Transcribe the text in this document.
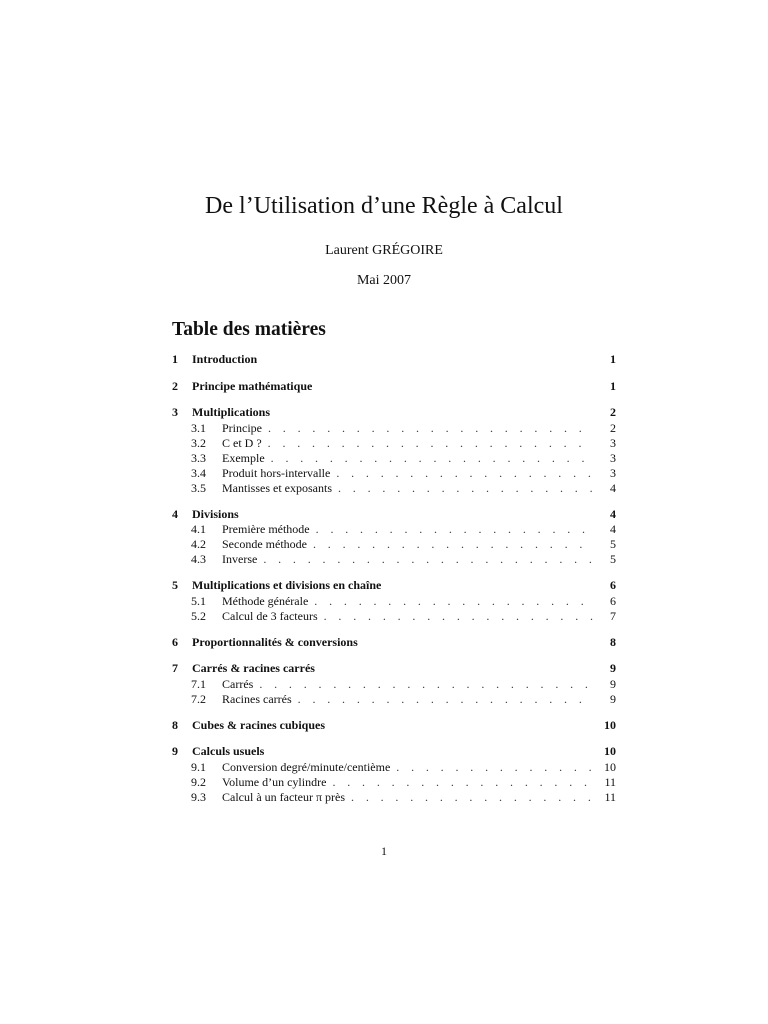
De l’Utilisation d’une Règle à Calcul
Laurent GRÉGOIRE
Mai 2007
Table des matières
1	Introduction	1
2	Principe mathématique	1
3	Multiplications	2
3.1	Principe . . .	2
3.2	C et D ? . . .	3
3.3	Exemple . . .	3
3.4	Produit hors-intervalle . . .	3
3.5	Mantisses et exposants . . .	4
4	Divisions	4
4.1	Première méthode . . .	4
4.2	Seconde méthode . . .	5
4.3	Inverse . . .	5
5	Multiplications et divisions en chaîne	6
5.1	Méthode générale . . .	6
5.2	Calcul de 3 facteurs . . .	7
6	Proportionnalités & conversions	8
7	Carrés & racines carrés	9
7.1	Carrés . . .	9
7.2	Racines carrés . . .	9
8	Cubes & racines cubiques	10
9	Calculs usuels	10
9.1	Conversion degré/minute/centième . . .	10
9.2	Volume d’un cylindre . . .	11
9.3	Calcul à un facteur π près . . .	11
1
